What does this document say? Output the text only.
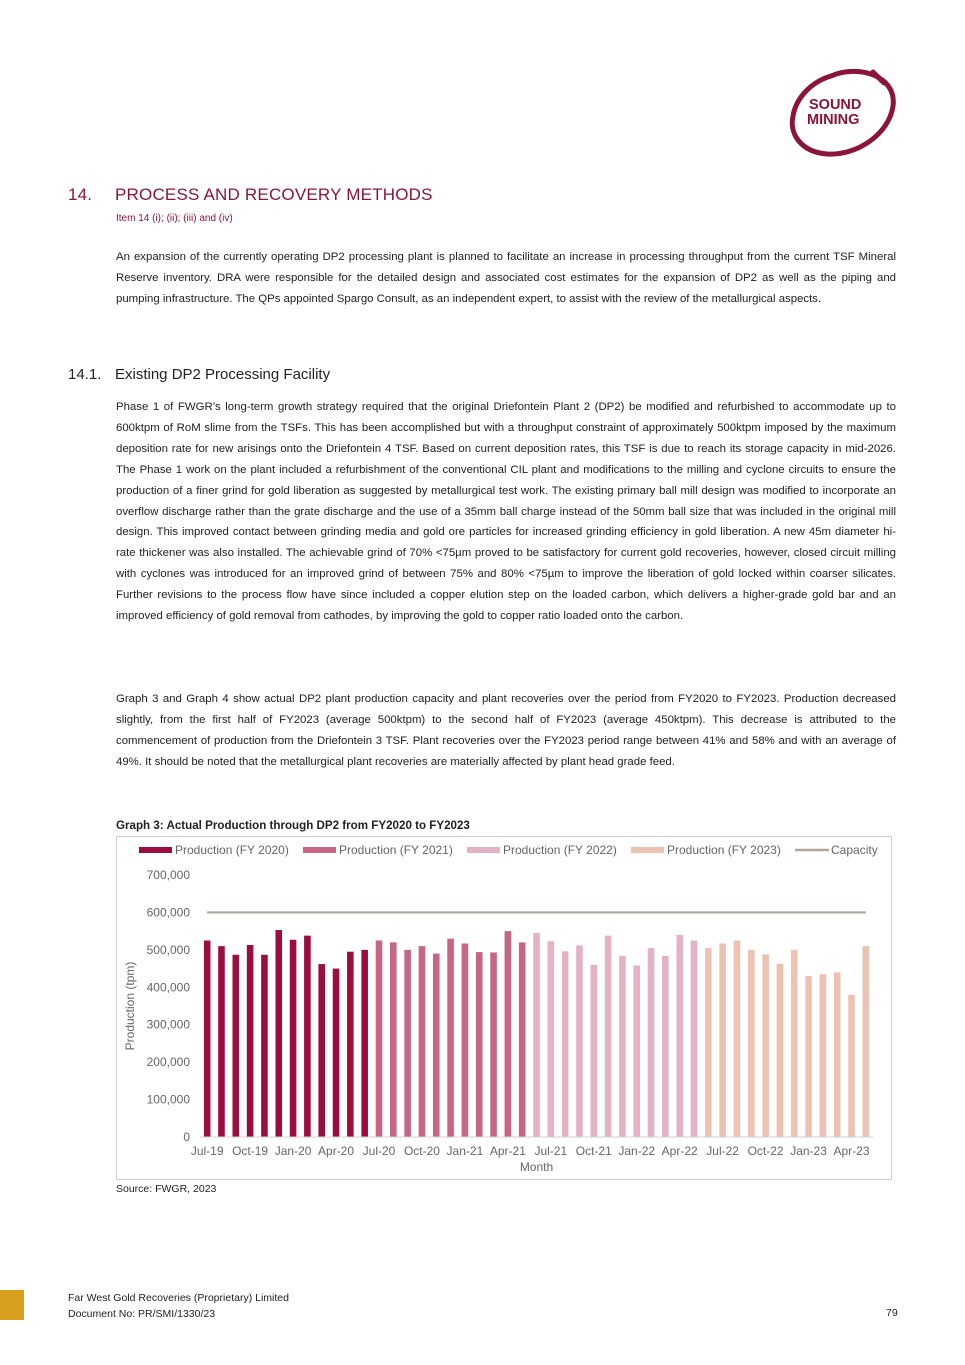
SOUND
MINING
14. PROCESS AND RECOVERY METHODS
Item 14 (i); (ii); (iii) and (iv)
An expansion of the currently operating DP2 processing plant is planned to facilitate an increase in processing throughput from the current TSF Mineral Reserve inventory. DRA were responsible for the detailed design and associated cost estimates for the expansion of DP2 as well as the piping and pumping infrastructure. The QPs appointed Spargo Consult, as an independent expert, to assist with the review of the metallurgical aspects.
14.1. Existing DP2 Processing Facility
Phase 1 of FWGR’s long-term growth strategy required that the original Driefontein Plant 2 (DP2) be modified and refurbished to accommodate up to 600ktpm of RoM slime from the TSFs. This has been accomplished but with a throughput constraint of approximately 500ktpm imposed by the maximum deposition rate for new arisings onto the Driefontein 4 TSF. Based on current deposition rates, this TSF is due to reach its storage capacity in mid-2026. The Phase 1 work on the plant included a refurbishment of the conventional CIL plant and modifications to the milling and cyclone circuits to ensure the production of a finer grind for gold liberation as suggested by metallurgical test work. The existing primary ball mill design was modified to incorporate an overflow discharge rather than the grate discharge and the use of a 35mm ball charge instead of the 50mm ball size that was included in the original mill design. This improved contact between grinding media and gold ore particles for increased grinding efficiency in gold liberation. A new 45m diameter hi-rate thickener was also installed. The achievable grind of 70% <75µm proved to be satisfactory for current gold recoveries, however, closed circuit milling with cyclones was introduced for an improved grind of between 75% and 80% <75µm to improve the liberation of gold locked within coarser silicates. Further revisions to the process flow have since included a copper elution step on the loaded carbon, which delivers a higher-grade gold bar and an improved efficiency of gold removal from cathodes, by improving the gold to copper ratio loaded onto the carbon.
Graph 3 and Graph 4 show actual DP2 plant production capacity and plant recoveries over the period from FY2020 to FY2023. Production decreased slightly, from the first half of FY2023 (average 500ktpm) to the second half of FY2023 (average 450ktpm). This decrease is attributed to the commencement of production from the Driefontein 3 TSF. Plant recoveries over the FY2023 period range between 41% and 58% and with an average of 49%. It should be noted that the metallurgical plant recoveries are materially affected by plant head grade feed.
Graph 3: Actual Production through DP2 from FY2020 to FY2023
Production (FY 2020)	Production (FY 2021)	Production (FY 2022)	Production (FY 2023)	Capacity
0
100,000
200,000
300,000
400,000
500,000
600,000
700,000
Production (tpm)
Jul-19 Oct-19 Jan-20 Apr-20 Jul-20 Oct-20 Jan-21 Apr-21 Jul-21 Oct-21 Jan-22 Apr-22 Jul-22 Oct-22 Jan-23 Apr-23
Month
Source: FWGR, 2023
Far West Gold Recoveries (Proprietary) Limited
Document No: PR/SMI/1330/23	79
